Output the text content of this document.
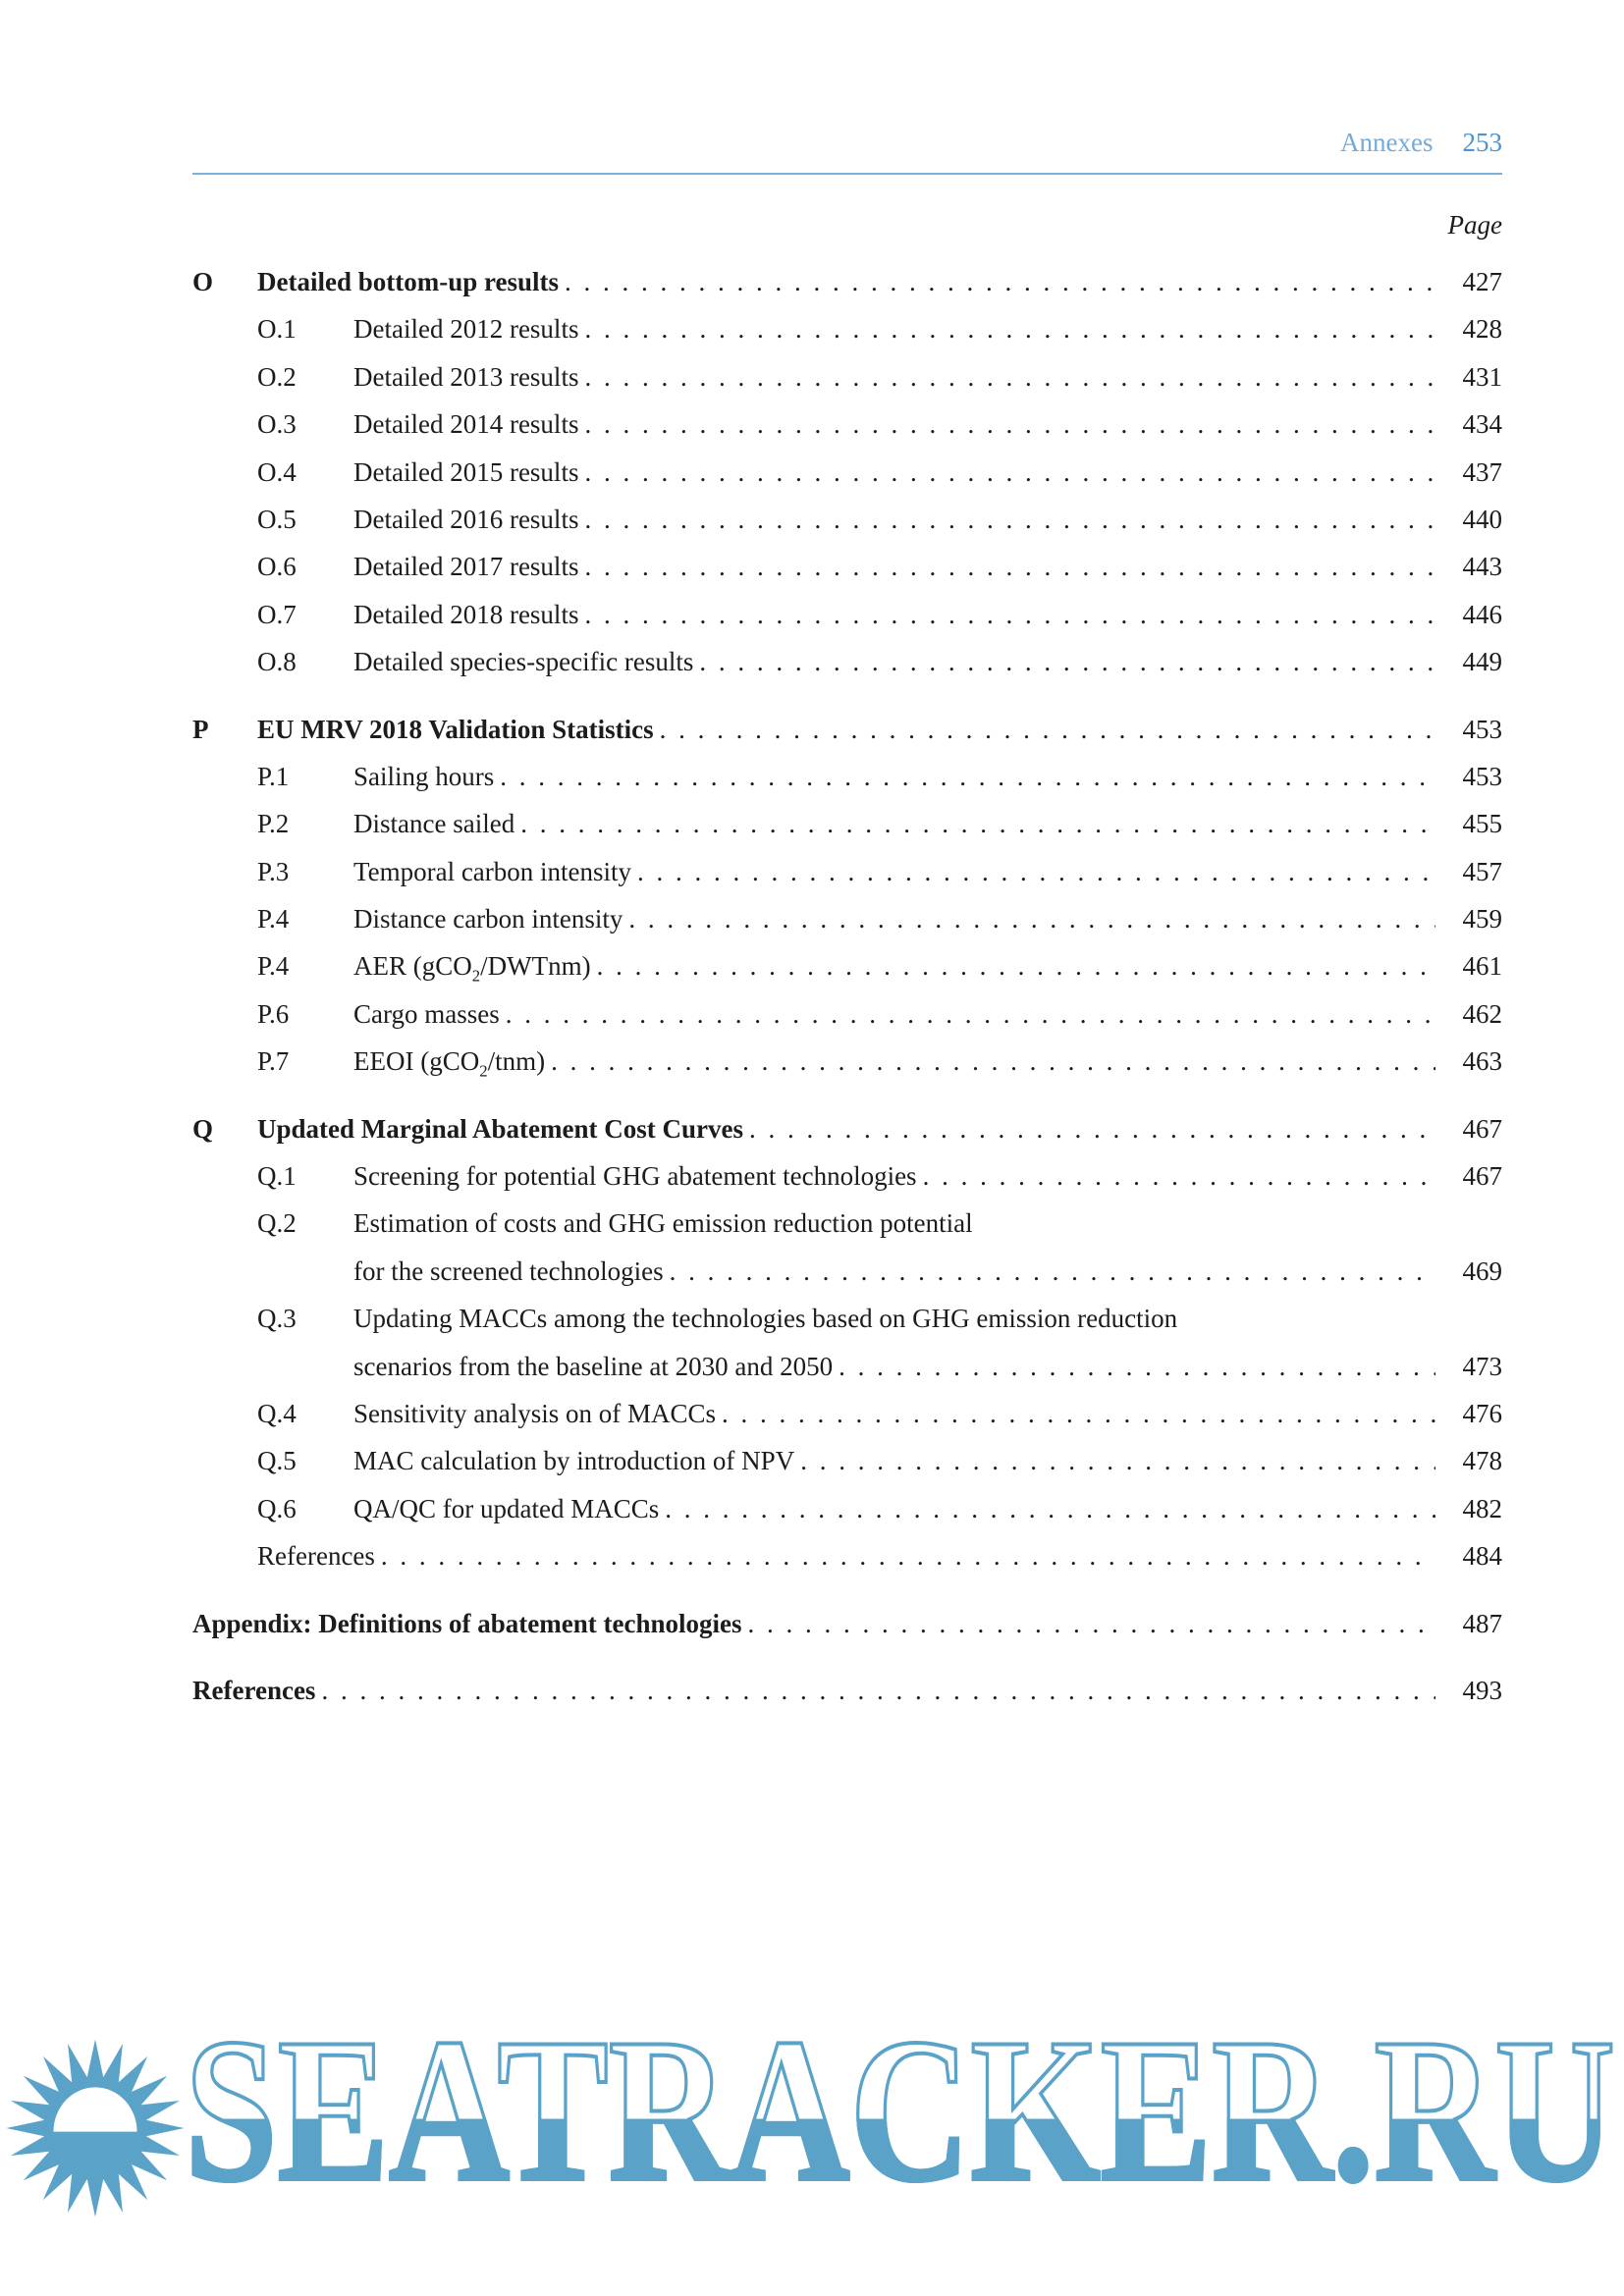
Annexes 253
Page
O	Detailed bottom-up results . . .	427
O.1	Detailed 2012 results . . .	428
O.2	Detailed 2013 results . . .	431
O.3	Detailed 2014 results . . .	434
O.4	Detailed 2015 results . . .	437
O.5	Detailed 2016 results . . .	440
O.6	Detailed 2017 results . . .	443
O.7	Detailed 2018 results . . .	446
O.8	Detailed species-specific results . . .	449
P	EU MRV 2018 Validation Statistics . . .	453
P.1	Sailing hours . . .	453
P.2	Distance sailed . . .	455
P.3	Temporal carbon intensity . . .	457
P.4	Distance carbon intensity . . .	459
P.4	AER (gCO$_2$/DWTnm) . . .	461
P.6	Cargo masses . . .	462
P.7	EEOI (gCO$_2$/tnm) . . .	463
Q	Updated Marginal Abatement Cost Curves . . .	467
Q.1	Screening for potential GHG abatement technologies . . .	467
Q.2	Estimation of costs and GHG emission reduction potential
for the screened technologies . . .	469
Q.3	Updating MACCs among the technologies based on GHG emission reduction
scenarios from the baseline at 2030 and 2050 . . .	473
Q.4	Sensitivity analysis on of MACCs . . .	476
Q.5	MAC calculation by introduction of NPV . . .	478
Q.6	QA/QC for updated MACCs . . .	482
References . . .	484
Appendix: Definitions of abatement technologies . . .	487
References . . .	493
SEATRACKER.RU
